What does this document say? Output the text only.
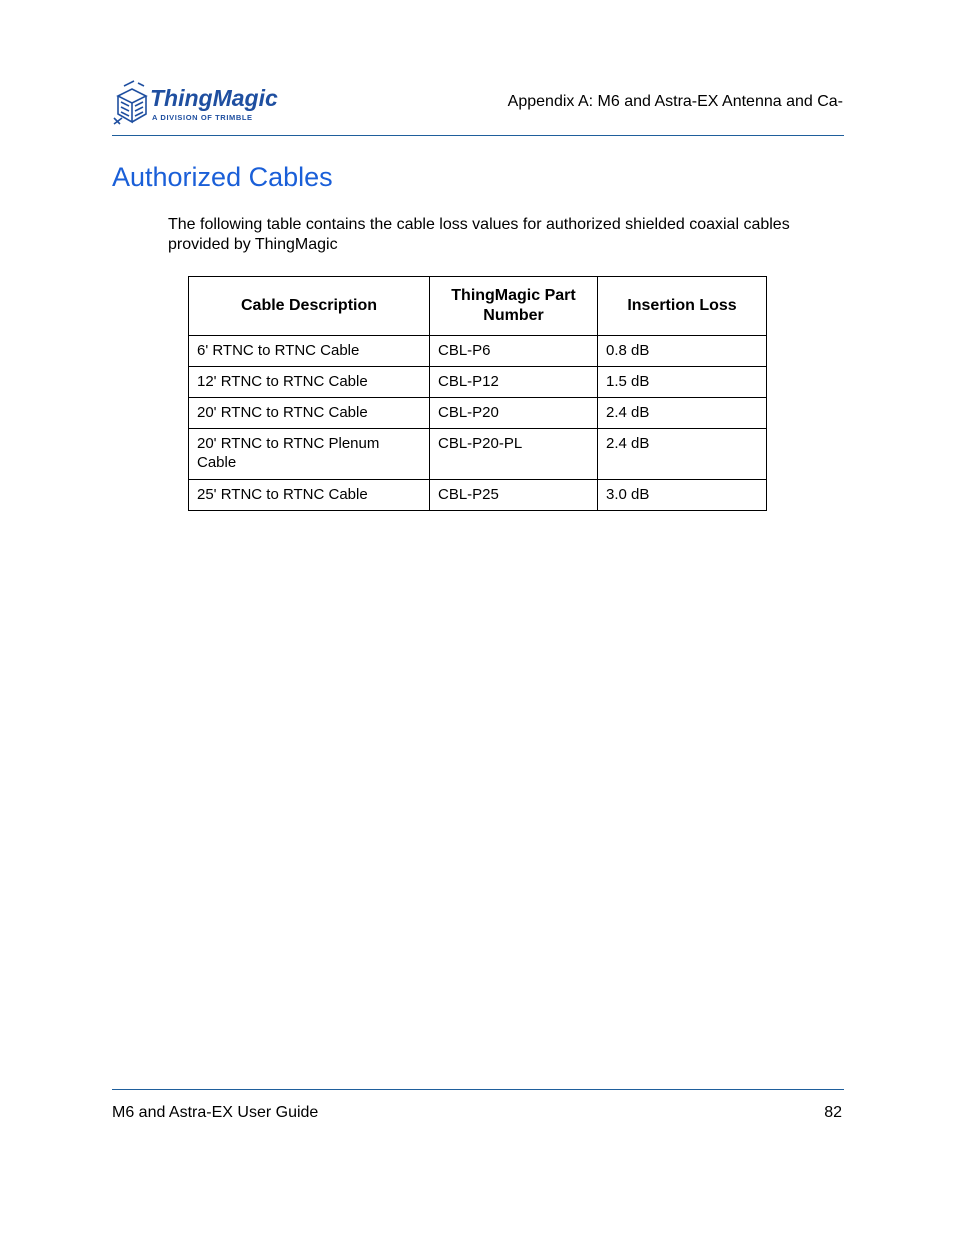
ThingMagic
A DIVISION OF TRIMBLE
Appendix A: M6 and Astra-EX Antenna and Ca-
Authorized Cables

The following table contains the cable loss values for authorized shielded coaxial cables provided by ThingMagic

Cable Description	ThingMagic Part Number	Insertion Loss
6' RTNC to RTNC Cable	CBL-P6	0.8 dB
12' RTNC to RTNC Cable	CBL-P12	1.5 dB
20' RTNC to RTNC Cable	CBL-P20	2.4 dB
20' RTNC to RTNC Plenum Cable	CBL-P20-PL	2.4 dB
25' RTNC to RTNC Cable	CBL-P25	3.0 dB
M6 and Astra-EX User Guide	82
